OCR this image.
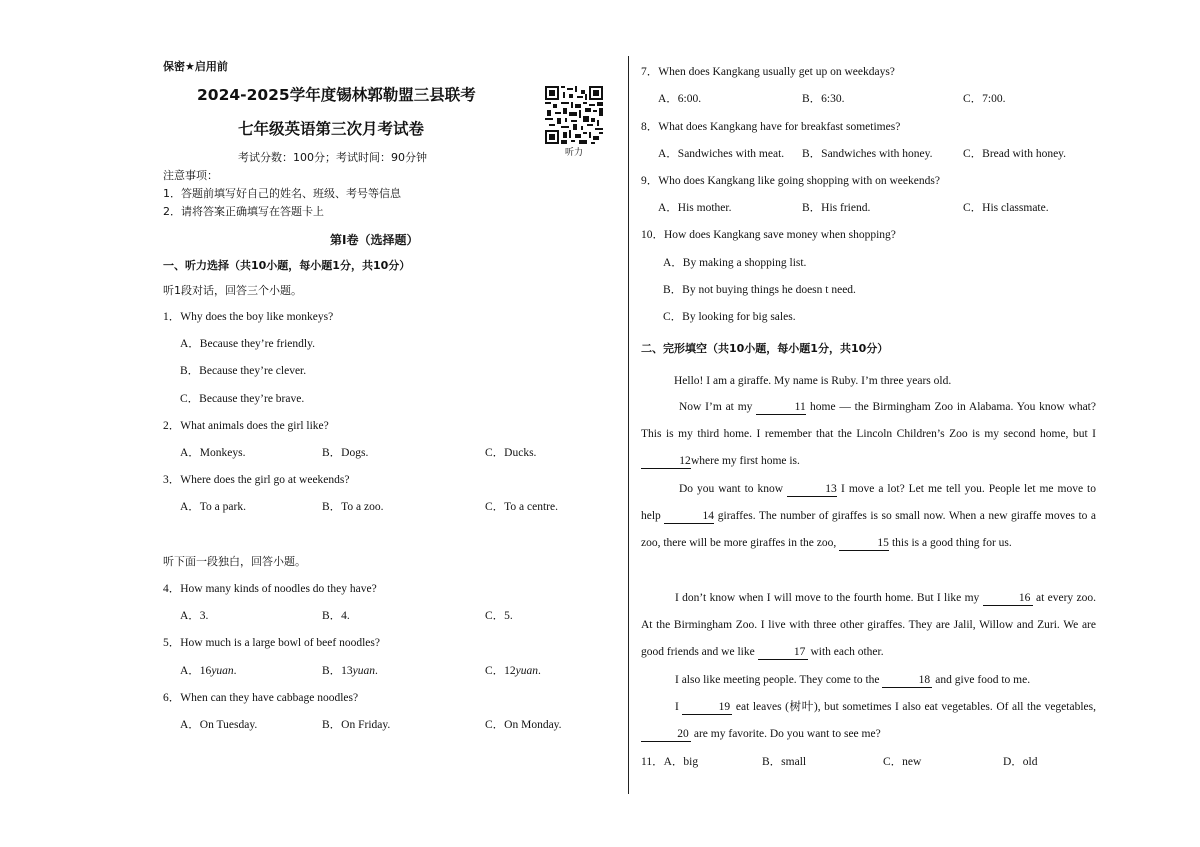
保密★启用前
2024-2025学年度锡林郭勒盟三县联考
七年级英语第三次月考试卷
听力
考试分数：100分；考试时间：90分钟
注意事项：
1．答题前填写好自己的姓名、班级、考号等信息
2．请将答案正确填写在答题卡上
第Ⅰ卷（选择题）
一、听力选择（共10小题，每小题1分，共10分）
听1段对话，回答三个小题。
1．Why does the boy like monkeys?
A．Because they’re friendly.
B．Because they’re clever.
C．Because they’re brave.
2．What animals does the girl like?
A．Monkeys.	B．Dogs.	C．Ducks.
3．Where does the girl go at weekends?
A．To a park.	B．To a zoo.	C．To a centre.
听下面一段独白，回答小题。
4．How many kinds of noodles do they have?
A．3.	B．4.	C．5.
5．How much is a large bowl of beef noodles?
A．16yuan.	B．13yuan.	C．12yuan.
6．When can they have cabbage noodles?
A．On Tuesday.	B．On Friday.	C．On Monday.
7．When does Kangkang usually get up on weekdays?
A．6:00.	B．6:30.	C．7:00.
8．What does Kangkang have for breakfast sometimes?
A．Sandwiches with meat. B．Sandwiches with honey.	C．Bread with honey.
9．Who does Kangkang like going shopping with on weekends?
A．His mother.	B．His friend.	C．His classmate.
10．How does Kangkang save money when shopping?
A．By making a shopping list.
B．By not buying things he doesn t need.
C．By looking for big sales.
二、完形填空（共10小题，每小题1分，共10分）
Hello! I am a giraffe. My name is Ruby. I’m three years old.
Now I’m at my	11 home — the Birmingham Zoo in Alabama. You know what? This is my third home. I remember that the Lincoln Children’s Zoo is my second home, but I 12where my first home is.
Do you want to know	13 I move a lot? Let me tell you. People let me move to help	14 giraffes. The number of giraffes is so small now. When a new giraffe moves to a zoo, there will be more giraffes in the zoo,	15 this is a good thing for us.
I don’t know when I will move to the fourth home. But I like my	16 at every zoo. At the Birmingham Zoo. I live with three other giraffes. They are Jalil, Willow and Zuri. We are good friends and we like	17 with each other.
I also like meeting people. They come to the	18 and give food to me.
I	19 eat leaves (树叶), but sometimes I also eat vegetables. Of all the vegetables, 20 are my favorite. Do you want to see me?
11．A．big	B．small	C．new	D．old
